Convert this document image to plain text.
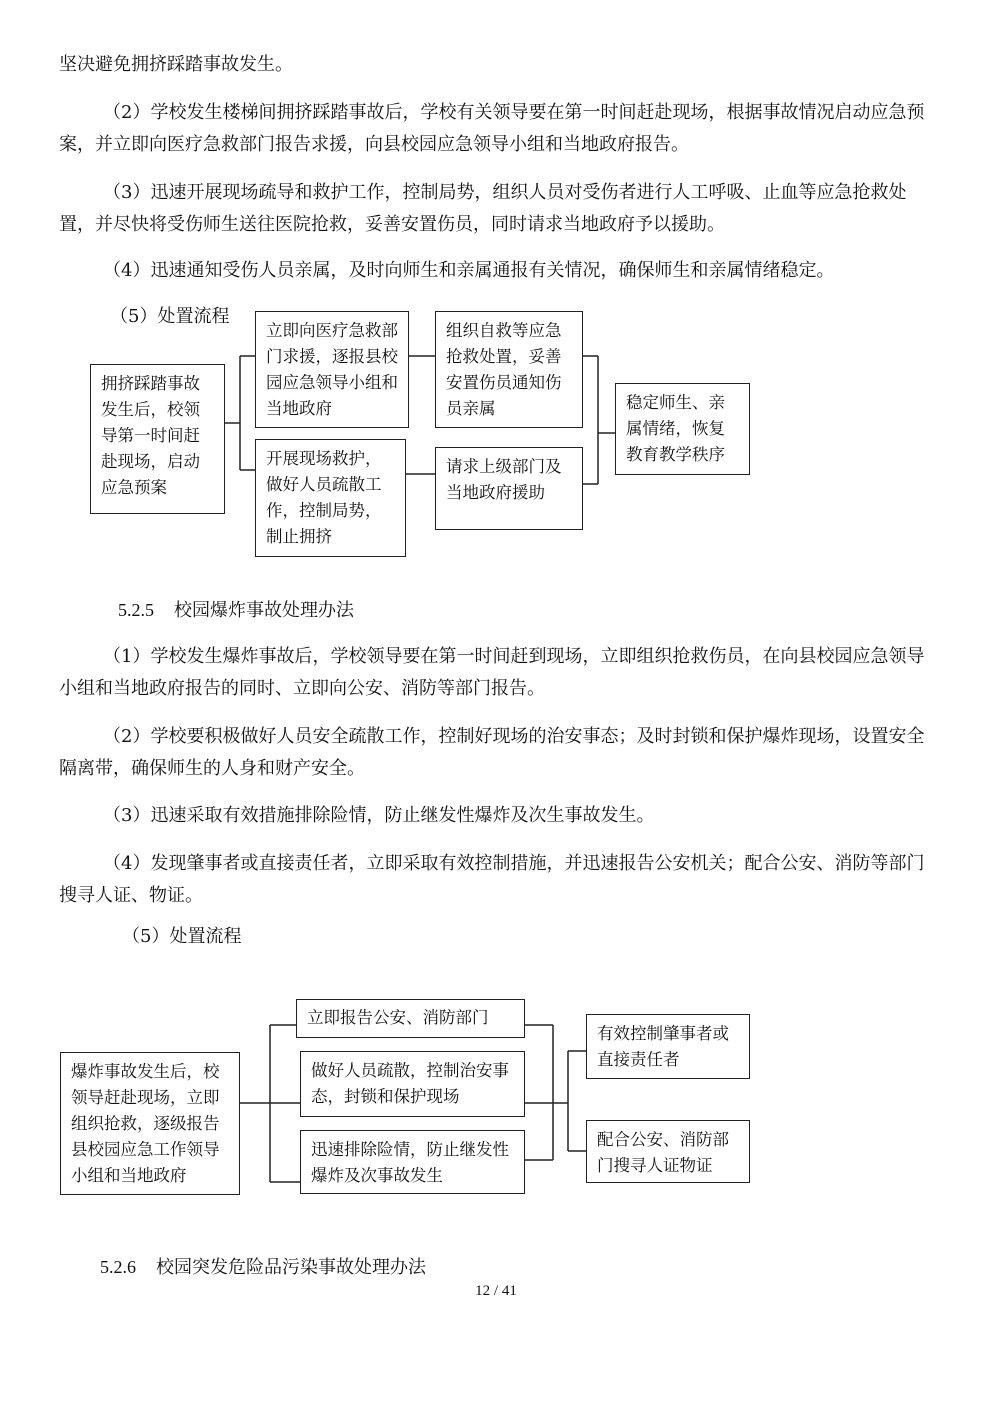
坚决避免拥挤踩踏事故发生。

（2）学校发生楼梯间拥挤踩踏事故后，学校有关领导要在第一时间赶赴现场，根据事故情况启动应急预案，并立即向医疗急救部门报告求援，向县校园应急领导小组和当地政府报告。

（3）迅速开展现场疏导和救护工作，控制局势，组织人员对受伤者进行人工呼吸、止血等应急抢救处置，并尽快将受伤师生送往医院抢救，妥善安置伤员，同时请求当地政府予以援助。

（4）迅速通知受伤人员亲属，及时向师生和亲属通报有关情况，确保师生和亲属情绪稳定。

（5）处置流程
拥挤踩踏事故发生后，校领导第一时间赶赴现场，启动应急预案
立即向医疗急救部门求援，逐报县校园应急领导小组和当地政府
开展现场救护，做好人员疏散工作，控制局势，制止拥挤
组织自救等应急抢救处置，妥善安置伤员通知伤员亲属
请求上级部门及当地政府援助
稳定师生、亲属情绪，恢复教育教学秩序
5.2.5 校园爆炸事故处理办法

（1）学校发生爆炸事故后，学校领导要在第一时间赶到现场，立即组织抢救伤员，在向县校园应急领导小组和当地政府报告的同时、立即向公安、消防等部门报告。

（2）学校要积极做好人员安全疏散工作，控制好现场的治安事态；及时封锁和保护爆炸现场，设置安全隔离带，确保师生的人身和财产安全。

（3）迅速采取有效措施排除险情，防止继发性爆炸及次生事故发生。

（4）发现肇事者或直接责任者，立即采取有效控制措施，并迅速报告公安机关；配合公安、消防等部门搜寻人证、物证。

（5）处置流程
爆炸事故发生后，校领导赶赴现场，立即组织抢救，逐级报告县校园应急工作领导小组和当地政府
立即报告公安、消防部门
做好人员疏散，控制治安事态，封锁和保护现场
迅速排除险情，防止继发性爆炸及次事故发生
有效控制肇事者或直接责任者
配合公安、消防部门搜寻人证物证
5.2.6 校园突发危险品污染事故处理办法
12 / 41
